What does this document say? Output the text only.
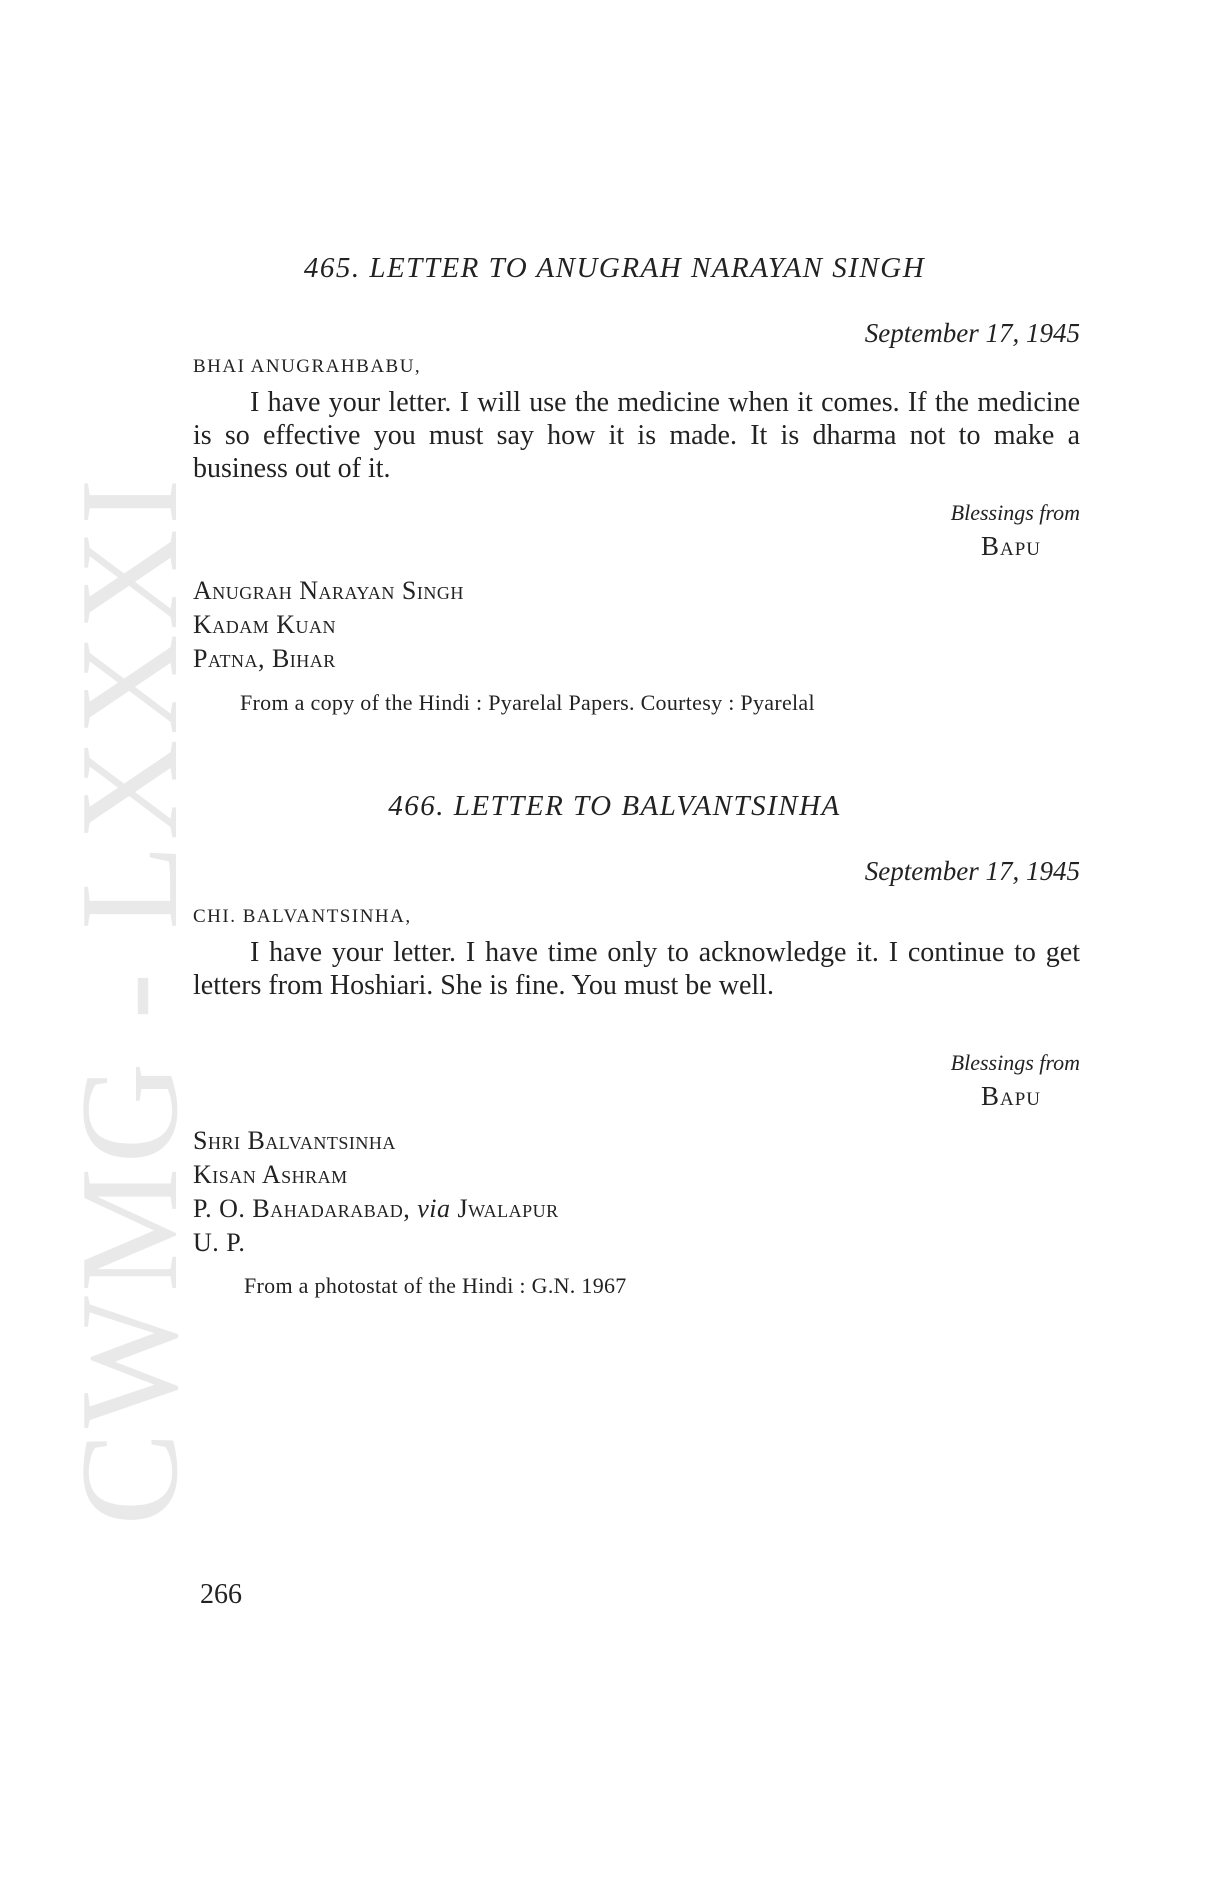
CWMG - LXXXI
465. LETTER TO ANUGRAH NARAYAN SINGH
September 17, 1945
BHAI ANUGRAHBABU,
I have your letter. I will use the medicine when it comes. If the medicine is so effective you must say how it is made. It is dharma not to make a business out of it.
Blessings from
Bapu
Anugrah Narayan Singh
Kadam Kuan
Patna, Bihar
From a copy of the Hindi : Pyarelal Papers. Courtesy : Pyarelal
466. LETTER TO BALVANTSINHA
September 17, 1945
CHI. BALVANTSINHA,
I have your letter. I have time only to acknowledge it. I continue to get letters from Hoshiari. She is fine. You must be well.
Blessings from
Bapu
Shri Balvantsinha
Kisan Ashram
P. O. Bahadarabad, via Jwalapur
U. P.
From a photostat of the Hindi : G.N. 1967
266
